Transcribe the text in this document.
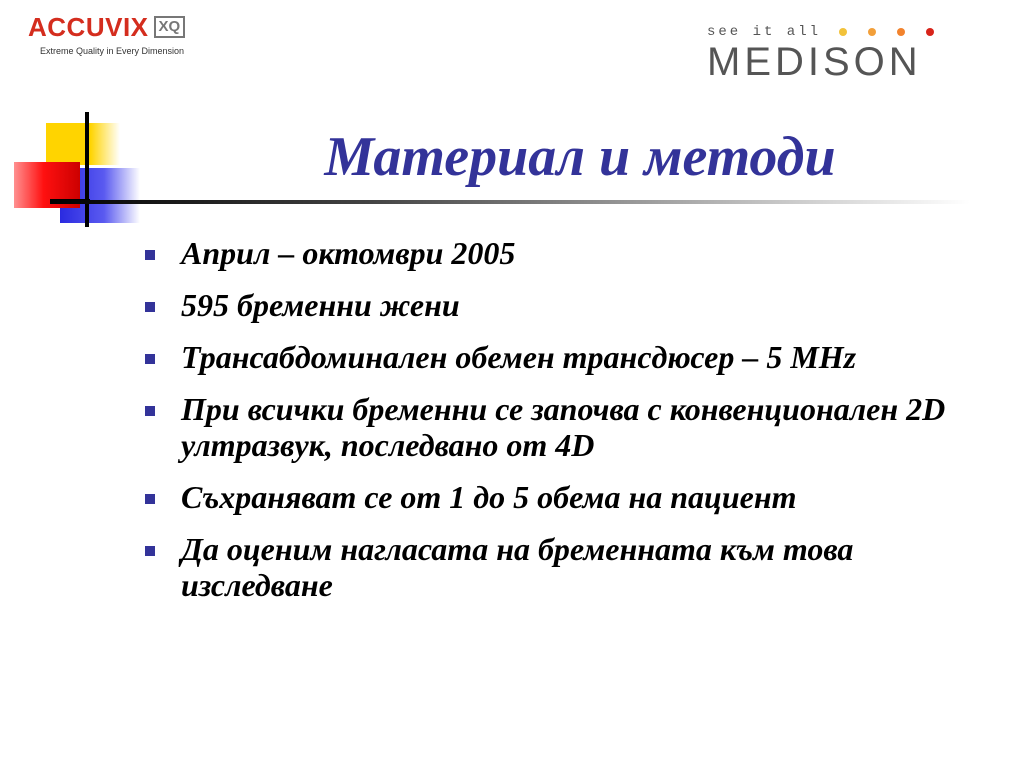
ACCUVIX XQ
Extreme Quality in Every Dimension
see it all
MEDISON
Материал и методи
Април – октомври 2005
595 бременни жени
Трансабдоминален обемен трансдюсер – 5 MHz
При всички бременни се започва с конвенционален 2D ултразвук, последвано от 4D
Съхраняват се от 1 до 5 обема на пациент
Да оценим нагласата на бременната към това изследване
